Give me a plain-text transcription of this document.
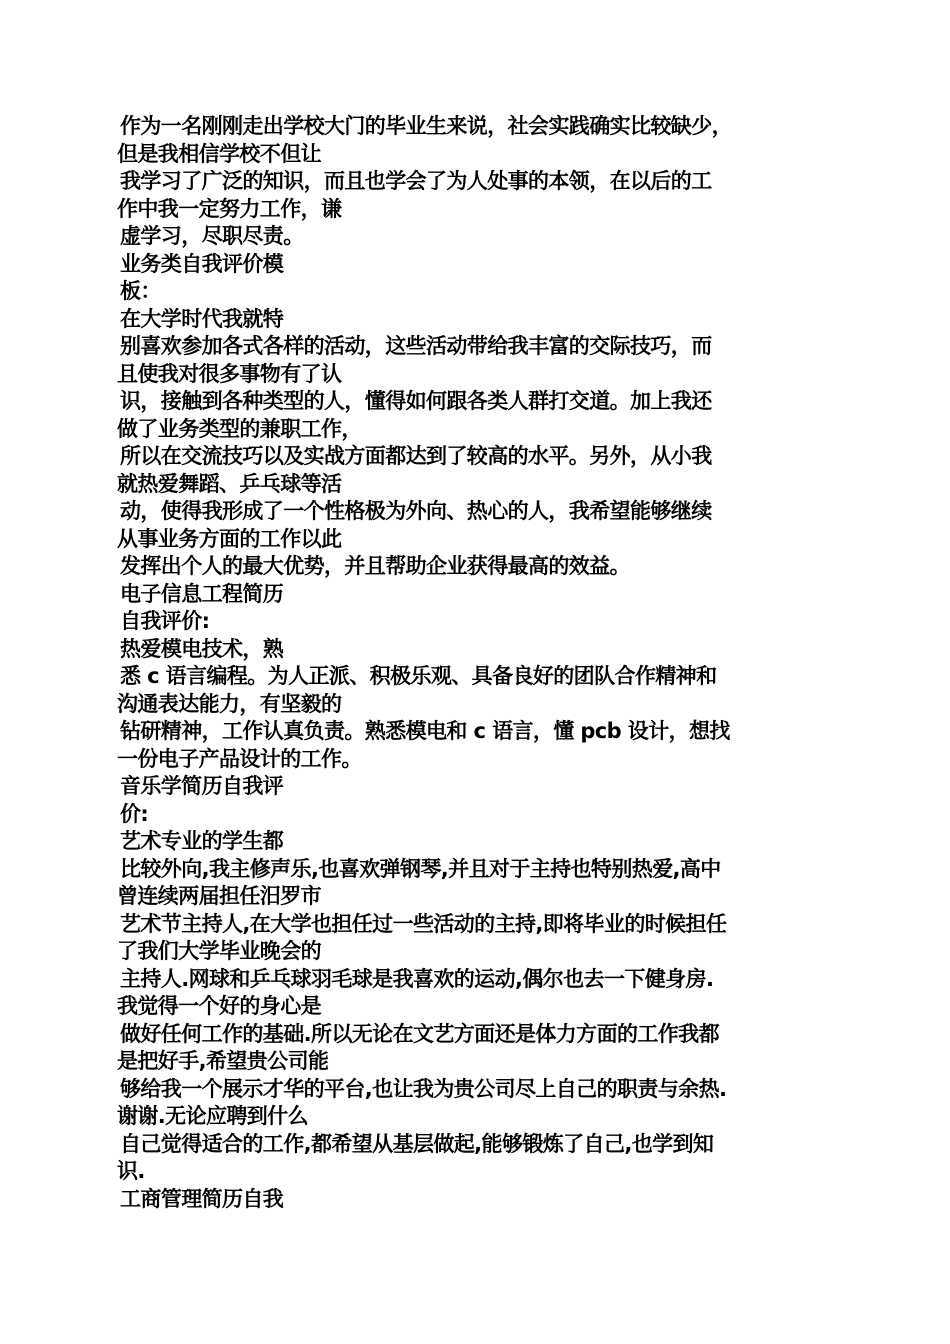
作为一名刚刚走出学校大门的毕业生来说，社会实践确实比较缺少，
但是我相信学校不但让
我学习了广泛的知识，而且也学会了为人处事的本领，在以后的工
作中我一定努力工作，谦
虚学习，尽职尽责。
业务类自我评价模
板：
在大学时代我就特
别喜欢参加各式各样的活动，这些活动带给我丰富的交际技巧，而
且使我对很多事物有了认
识，接触到各种类型的人，懂得如何跟各类人群打交道。加上我还
做了业务类型的兼职工作，
所以在交流技巧以及实战方面都达到了较高的水平。另外，从小我
就热爱舞蹈、乒乓球等活
动，使得我形成了一个性格极为外向、热心的人，我希望能够继续
从事业务方面的工作以此
发挥出个人的最大优势，并且帮助企业获得最高的效益。
电子信息工程简历
自我评价:
热爱模电技术，熟
悉 c 语言编程。为人正派、积极乐观、具备良好的团队合作精神和
沟通表达能力，有坚毅的
钻研精神，工作认真负责。熟悉模电和 c 语言，懂 pcb 设计，想找
一份电子产品设计的工作。
音乐学简历自我评
价:
艺术专业的学生都
比较外向,我主修声乐,也喜欢弹钢琴,并且对于主持也特别热爱,高中
曾连续两届担任汨罗市
艺术节主持人,在大学也担任过一些活动的主持,即将毕业的时候担任
了我们大学毕业晚会的
主持人.网球和乒乓球羽毛球是我喜欢的运动,偶尔也去一下健身房.
我觉得一个好的身心是
做好任何工作的基础.所以无论在文艺方面还是体力方面的工作我都
是把好手,希望贵公司能
够给我一个展示才华的平台,也让我为贵公司尽上自己的职责与余热.
谢谢.无论应聘到什么
自己觉得适合的工作,都希望从基层做起,能够锻炼了自己,也学到知
识.
工商管理简历自我
